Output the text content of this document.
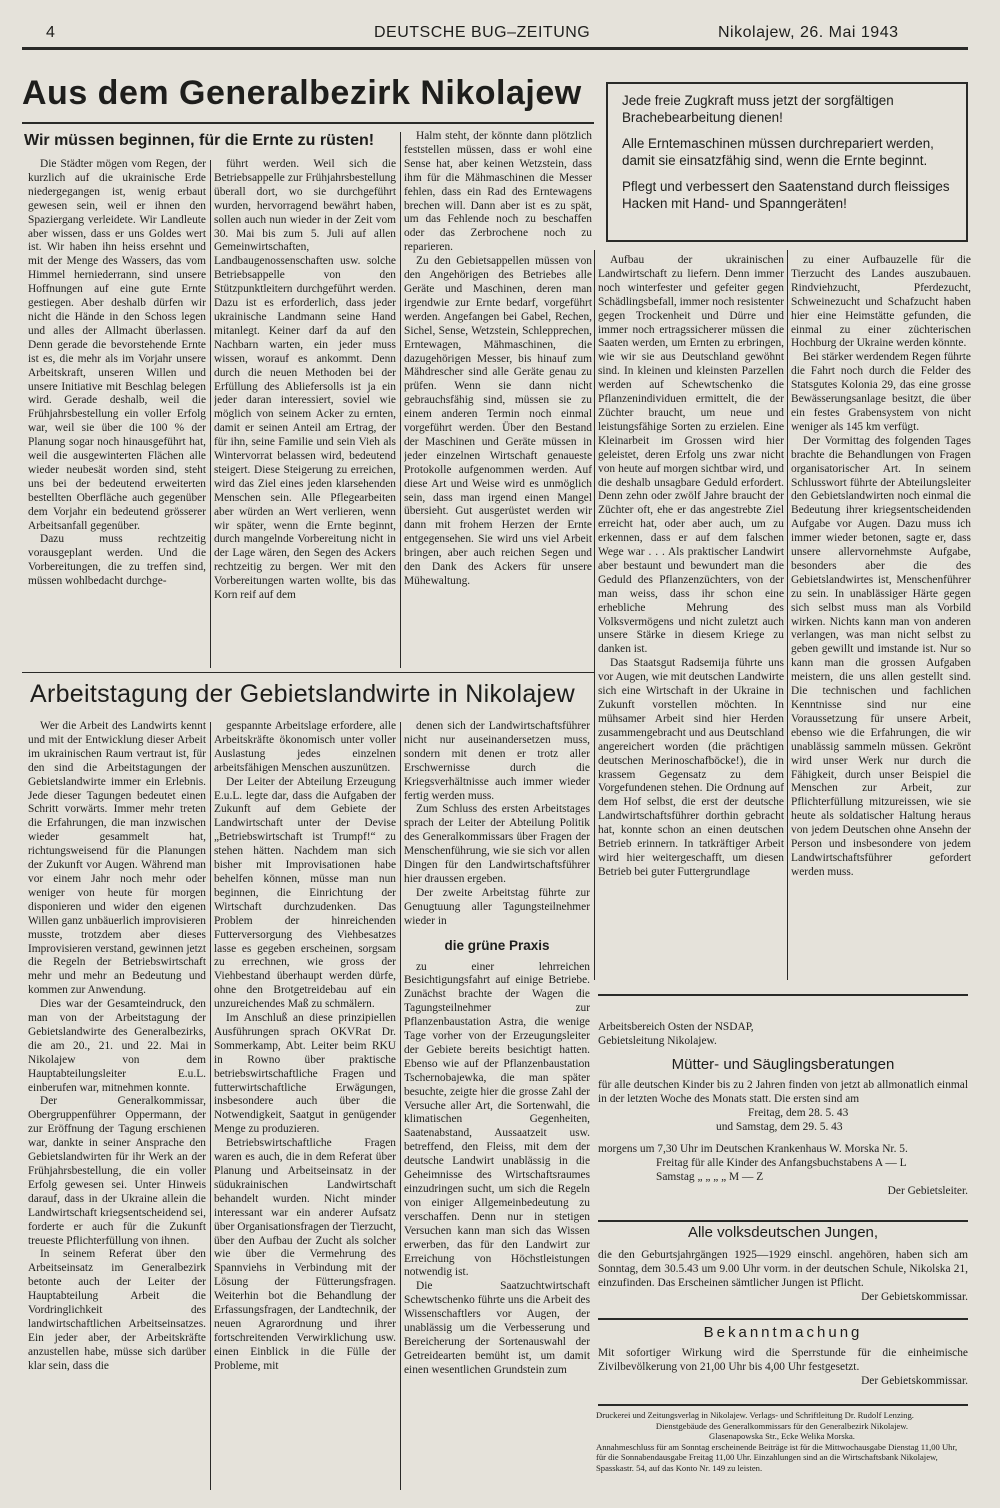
4	DEUTSCHE BUG–ZEITUNG	Nikolajew, 26. Mai 1943
Aus dem Generalbezirk Nikolajew	Jede freie Zugkraft muss jetzt der sorgfältigen Brachebearbeitung dienen!

Alle Erntemaschinen müssen durchrepariert werden, damit sie einsatzfähig sind, wenn die Ernte beginnt.

Pflegt und verbessert den Saatenstand durch fleissiges Hacken mit Hand- und Spanngeräten!

Wir müssen beginnen, für die Ernte zu rüsten!

Die Städter mögen vom Regen, der kurzlich auf die ukrainische Erde niedergegangen ist, wenig erbaut gewesen sein, weil er ihnen den Spaziergang verleidete. Wir Landleute aber wissen, dass er uns Goldes wert ist. Wir haben ihn heiss ersehnt und mit der Menge des Wassers, das vom Himmel herniederrann, sind unsere Hoffnungen auf eine gute Ernte gestiegen. Aber deshalb dürfen wir nicht die Hände in den Schoss legen und alles der Allmacht überlassen. Denn gerade die bevorstehende Ernte ist es, die mehr als im Vorjahr unsere Arbeitskraft, unseren Willen und unsere Initiative mit Beschlag belegen wird. Gerade deshalb, weil die Frühjahrsbestellung ein voller Erfolg war, weil sie über die 100 % der Planung sogar noch hinausgeführt hat, weil die ausgewinterten Flächen alle wieder neubesät worden sind, steht uns bei der bedeutend erweiterten bestellten Oberfläche auch gegenüber dem Vorjahr ein bedeutend grösserer Arbeitsanfall gegenüber.

Dazu muss rechtzeitig vorausgeplant werden. Und die Vorbereitungen, die zu treffen sind, müssen wohlbedacht durchge-

führt werden. Weil sich die Betriebsappelle zur Frühjahrsbestellung überall dort, wo sie durchgeführt wurden, hervorragend bewährt haben, sollen auch nun wieder in der Zeit vom 30. Mai bis zum 5. Juli auf allen Gemeinwirtschaften, Landbaugenossenschaften usw. solche Betriebsappelle von den Stützpunktleitern durchgeführt werden. Dazu ist es erforderlich, dass jeder ukrainische Landmann seine Hand mitanlegt. Keiner darf da auf den Nachbarn warten, ein jeder muss wissen, worauf es ankommt. Denn durch die neuen Methoden bei der Erfüllung des Abliefersolls ist ja ein jeder daran interessiert, soviel wie möglich von seinem Acker zu ernten, damit er seinen Anteil am Ertrag, der für ihn, seine Familie und sein Vieh als Wintervorrat belassen wird, bedeutend steigert. Diese Steigerung zu erreichen, wird das Ziel eines jeden klarsehenden Menschen sein. Alle Pflegearbeiten aber würden an Wert verlieren, wenn wir später, wenn die Ernte beginnt, durch mangelnde Vorbereitung nicht in der Lage wären, den Segen des Ackers rechtzeitig zu bergen. Wer mit den Vorbereitungen warten wollte, bis das Korn reif auf dem

Halm steht, der könnte dann plötzlich feststellen müssen, dass er wohl eine Sense hat, aber keinen Wetzstein, dass ihm für die Mähmaschinen die Messer fehlen, dass ein Rad des Erntewagens brechen will. Dann aber ist es zu spät, um das Fehlende noch zu beschaffen oder das Zerbrochene noch zu reparieren.

Zu den Gebietsappellen müssen von den Angehörigen des Betriebes alle Geräte und Maschinen, deren man irgendwie zur Ernte bedarf, vorgeführt werden. Angefangen bei Gabel, Rechen, Sichel, Sense, Wetzstein, Schlepprechen, Erntewagen, Mähmaschinen, die dazugehörigen Messer, bis hinauf zum Mähdrescher sind alle Geräte genau zu prüfen. Wenn sie dann nicht gebrauchsfähig sind, müssen sie zu einem anderen Termin noch einmal vorgeführt werden. Über den Bestand der Maschinen und Geräte müssen in jeder einzelnen Wirtschaft genaueste Protokolle aufgenommen werden. Auf diese Art und Weise wird es unmöglich sein, dass man irgend einen Mangel übersieht. Gut ausgerüstet werden wir dann mit frohem Herzen der Ernte entgegensehen. Sie wird uns viel Arbeit bringen, aber auch reichen Segen und den Dank des Ackers für unsere Mühewaltung.

Aufbau der ukrainischen Landwirtschaft zu liefern. Denn immer noch winterfester und gefeiter gegen Schädlingsbefall, immer noch resistenter gegen Trockenheit und Dürre und immer noch ertragssicherer müssen die Saaten werden, um Ernten zu erbringen, wie wir sie aus Deutschland gewöhnt sind. In kleinen und kleinsten Parzellen werden auf Schewtschenko die Pflanzenindividuen ermittelt, die der Züchter braucht, um neue und leistungsfähige Sorten zu erzielen. Eine Kleinarbeit im Grossen wird hier geleistet, deren Erfolg uns zwar nicht von heute auf morgen sichtbar wird, und die deshalb unsagbare Geduld erfordert. Denn zehn oder zwölf Jahre braucht der Züchter oft, ehe er das angestrebte Ziel erreicht hat, oder aber auch, um zu erkennen, dass er auf dem falschen Wege war . . . Als praktischer Landwirt aber bestaunt und bewundert man die Geduld des Pflanzenzüchters, von der man weiss, dass ihr schon eine erhebliche Mehrung des Volksvermögens und nicht zuletzt auch unsere Stärke in diesem Kriege zu danken ist.

Das Staatsgut Radsemija führte uns vor Augen, wie mit deutschen Landwirte sich eine Wirtschaft in der Ukraine in Zukunft vorstellen möchten. In mühsamer Arbeit sind hier Herden zusammengebracht und aus Deutschland angereichert worden (die prächtigen deutschen Merinoschafböcke!), die in krassem Gegensatz zu dem Vorgefundenen stehen. Die Ordnung auf dem Hof selbst, die erst der deutsche Landwirtschaftsführer dorthin gebracht hat, konnte schon an einen deutschen Betrieb erinnern. In tatkräftiger Arbeit wird hier weitergeschafft, um diesen Betrieb bei guter Futtergrundlage

zu einer Aufbauzelle für die Tierzucht des Landes auszubauen. Rindviehzucht, Pferdezucht, Schweinezucht und Schafzucht haben hier eine Heimstätte gefunden, die einmal zu einer züchterischen Hochburg der Ukraine werden könnte.

Bei stärker werdendem Regen führte die Fahrt noch durch die Felder des Statsgutes Kolonia 29, das eine grosse Bewässerungsanlage besitzt, die über ein festes Grabensystem von nicht weniger als 145 km verfügt.

Der Vormittag des folgenden Tages brachte die Behandlungen von Fragen organisatorischer Art. In seinem Schlusswort führte der Abteilungsleiter den Gebietslandwirten noch einmal die Bedeutung ihrer kriegsentscheidenden Aufgabe vor Augen. Dazu muss ich immer wieder betonen, sagte er, dass unsere allervornehmste Aufgabe, besonders aber die des Gebietslandwirtes ist, Menschenführer zu sein. In unablässiger Härte gegen sich selbst muss man als Vorbild wirken. Nichts kann man von anderen verlangen, was man nicht selbst zu geben gewillt und imstande ist. Nur so kann man die grossen Aufgaben meistern, die uns allen gestellt sind. Die technischen und fachlichen Kenntnisse sind nur eine Voraussetzung für unsere Arbeit, ebenso wie die Erfahrungen, die wir unablässig sammeln müssen. Gekrönt wird unser Werk nur durch die Fähigkeit, durch unser Beispiel die Menschen zur Arbeit, zur Pflichterfüllung mitzureissen, wie sie heute als soldatischer Haltung heraus von jedem Deutschen ohne Ansehn der Person und insbesondere von jedem Landwirtschaftsführer gefordert werden muss.

Arbeitstagung der Gebietslandwirte in Nikolajew

Wer die Arbeit des Landwirts kennt und mit der Entwicklung dieser Arbeit im ukrainischen Raum vertraut ist, für den sind die Arbeitstagungen der Gebietslandwirte immer ein Erlebnis. Jede dieser Tagungen bedeutet einen Schritt vorwärts. Immer mehr treten die Erfahrungen, die man inzwischen wieder gesammelt hat, richtungsweisend für die Planungen der Zukunft vor Augen. Während man vor einem Jahr noch mehr oder weniger von heute für morgen disponieren und wider den eigenen Willen ganz unbäuerlich improvisieren musste, trotzdem aber dieses Improvisieren verstand, gewinnen jetzt die Regeln der Betriebswirtschaft mehr und mehr an Bedeutung und kommen zur Anwendung.

Dies war der Gesamteindruck, den man von der Arbeitstagung der Gebietslandwirte des Generalbezirks, die am 20., 21. und 22. Mai in Nikolajew von dem Hauptabteilungsleiter E.u.L. einberufen war, mitnehmen konnte.

Der Generalkommissar, Obergruppenführer Oppermann, der zur Eröffnung der Tagung erschienen war, dankte in seiner Ansprache den Gebietslandwirten für ihr Werk an der Frühjahrsbestellung, die ein voller Erfolg gewesen sei. Unter Hinweis darauf, dass in der Ukraine allein die Landwirtschaft kriegsentscheidend sei, forderte er auch für die Zukunft treueste Pflichterfüllung von ihnen.

In seinem Referat über den Arbeitseinsatz im Generalbezirk betonte auch der Leiter der Hauptabteilung Arbeit die Vordringlichkeit des landwirtschaftlichen Arbeitseinsatzes. Ein jeder aber, der Arbeitskräfte anzustellen habe, müsse sich darüber klar sein, dass die

gespannte Arbeitslage erfordere, alle Arbeitskräfte ökonomisch unter voller Auslastung jedes einzelnen arbeitsfähigen Menschen auszunützen.

Der Leiter der Abteilung Erzeugung E.u.L. legte dar, dass die Aufgaben der Zukunft auf dem Gebiete der Landwirtschaft unter der Devise „Betriebswirtschaft ist Trumpf!“ zu stehen hätten. Nachdem man sich bisher mit Improvisationen habe behelfen können, müsse man nun beginnen, die Einrichtung der Wirtschaft durchzudenken. Das Problem der hinreichenden Futterversorgung des Viehbesatzes lasse es gegeben erscheinen, sorgsam zu errechnen, wie gross der Viehbestand überhaupt werden dürfe, ohne den Brotgetreidebau auf ein unzureichendes Maß zu schmälern.

Im Anschluß an diese prinzipiellen Ausführungen sprach OKVRat Dr. Sommerkamp, Abt. Leiter beim RKU in Rowno über praktische betriebswirtschaftliche Fragen und futterwirtschaftliche Erwägungen, insbesondere auch über die Notwendigkeit, Saatgut in genügender Menge zu produzieren.

Betriebswirtschaftliche Fragen waren es auch, die in dem Referat über Planung und Arbeitseinsatz in der südukrainischen Landwirtschaft behandelt wurden. Nicht minder interessant war ein anderer Aufsatz über Organisationsfragen der Tierzucht, über den Aufbau der Zucht als solcher wie über die Vermehrung des Spannviehs in Verbindung mit der Lösung der Fütterungsfragen. Weiterhin bot die Behandlung der Erfassungsfragen, der Landtechnik, der neuen Agrarordnung und ihrer fortschreitenden Verwirklichung usw. einen Einblick in die Fülle der Probleme, mit

denen sich der Landwirtschaftsführer nicht nur auseinandersetzen muss, sondern mit denen er trotz aller Erschwernisse durch die Kriegsverhältnisse auch immer wieder fertig werden muss.

Zum Schluss des ersten Arbeitstages sprach der Leiter der Abteilung Politik des Generalkommissars über Fragen der Menschenführung, wie sie sich vor allen Dingen für den Landwirtschaftsführer hier draussen ergeben.

Der zweite Arbeitstag führte zur Genugtuung aller Tagungsteilnehmer wieder in

die grüne Praxis

zu einer lehrreichen Besichtigungsfahrt auf einige Betriebe. Zunächst brachte der Wagen die Tagungsteilnehmer zur Pflanzenbaustation Astra, die wenige Tage vorher von der Erzeugungsleiter der Gebiete bereits besichtigt hatten. Ebenso wie auf der Pflanzenbaustation Tschernobajewka, die man später besuchte, zeigte hier die grosse Zahl der Versuche aller Art, die Sortenwahl, die klimatischen Gegenheiten, Saatenabstand, Aussaatzeit usw. betreffend, den Fleiss, mit dem der deutsche Landwirt unablässig in die Geheimnisse des Wirtschaftsraumes einzudringen sucht, um sich die Regeln von einiger Allgemeinbedeutung zu verschaffen. Denn nur in stetigen Versuchen kann man sich das Wissen erwerben, das für den Landwirt zur Erreichung von Höchstleistungen notwendig ist.

Die Saatzuchtwirtschaft Schewtschenko führte uns die Arbeit des Wissenschaftlers vor Augen, der unablässig um die Verbesserung und Bereicherung der Sortenauswahl der Getreidearten bemüht ist, um damit einen wesentlichen Grundstein zum

Arbeitsbereich Osten der NSDAP, Gebietsleitung Nikolajew.
Mütter- und Säuglingsberatungen
für alle deutschen Kinder bis zu 2 Jahren finden von jetzt ab allmonatlich einmal in der letzten Woche des Monats statt. Die ersten sind am
Freitag, dem 28. 5. 43
und Samstag, dem 29. 5. 43
morgens um 7,30 Uhr im Deutschen Krankenhaus W. Morska Nr. 5.
Freitag für alle Kinder des Anfangsbuchstabens A — L
Samstag „ „ „ „ M — Z
Der Gebietsleiter.
Alle volksdeutschen Jungen,
die den Geburtsjahrgängen 1925—1929 einschl. angehören, haben sich am Sonntag, dem 30.5.43 um 9.00 Uhr vorm. in der deutschen Schule, Nikolska 21, einzufinden. Das Erscheinen sämtlicher Jungen ist Pflicht.
Der Gebietskommissar.
Bekanntmachung
Mit sofortiger Wirkung wird die Sperrstunde für die einheimische Zivilbevölkerung von 21,00 Uhr bis 4,00 Uhr festgesetzt.
Der Gebietskommissar.
Druckerei und Zeitungsverlag in Nikolajew. Verlags- und Schriftleitung Dr. Rudolf Lenzing.
Dienstgebäude des Generalkommissars für den Generalbezirk Nikolajew.
Glasenapowska Str., Ecke Welika Morska.
Annahmeschluss für am Sonntag erscheinende Beiträge ist für die Mittwochausgabe Dienstag 11,00 Uhr, für die Sonnabendausgabe Freitag 11,00 Uhr. Einzahlungen sind an die Wirtschaftsbank Nikolajew, Spasskastr. 54, auf das Konto Nr. 149 zu leisten.
